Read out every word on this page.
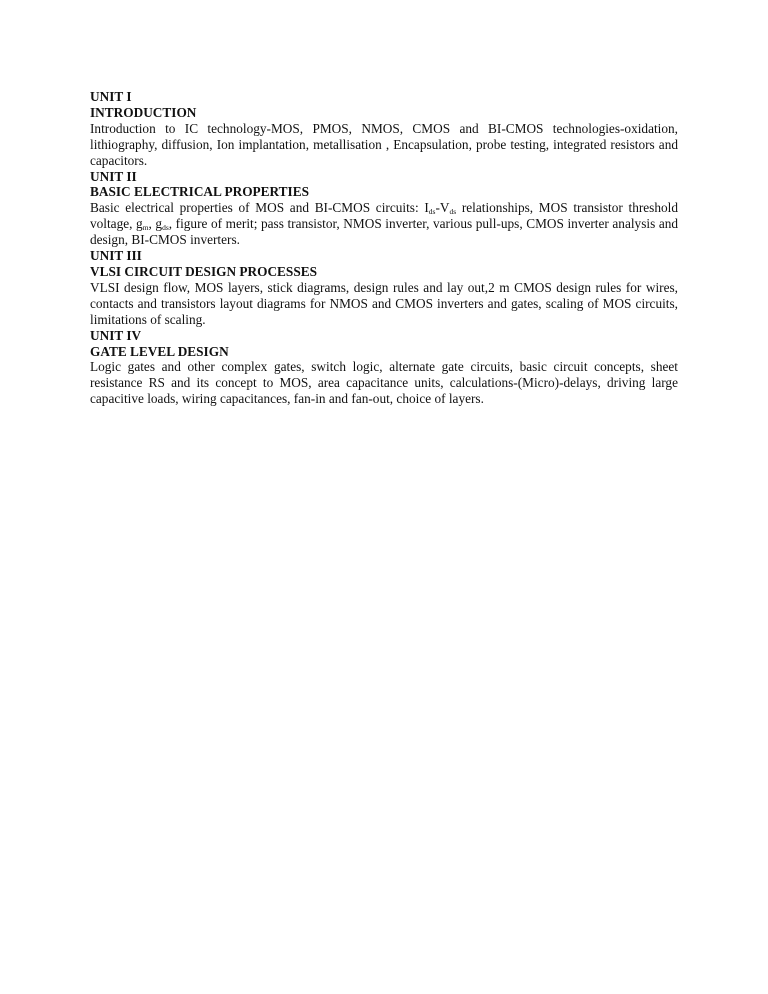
UNIT I

INTRODUCTION

Introduction to IC technology-MOS, PMOS, NMOS, CMOS and BI-CMOS technologies-oxidation, lithiography, diffusion, Ion implantation, metallisation , Encapsulation, probe testing, integrated resistors and capacitors.

UNIT II

BASIC ELECTRICAL PROPERTIES

Basic electrical properties of MOS and BI-CMOS circuits: $I_{ds}-V_{ds}$ relationships, MOS transistor threshold voltage, $g_m$, $g_{ds}$, figure of merit; pass transistor, NMOS inverter, various pull-ups, CMOS inverter analysis and design, BI-CMOS inverters.

UNIT III

VLSI CIRCUIT DESIGN PROCESSES

VLSI design flow, MOS layers, stick diagrams, design rules and lay out,2 m CMOS design rules for wires, contacts and transistors layout diagrams for NMOS and CMOS inverters and gates, scaling of MOS circuits, limitations of scaling.

UNIT IV

GATE LEVEL DESIGN

Logic gates and other complex gates, switch logic, alternate gate circuits, basic circuit concepts, sheet resistance RS and its concept to MOS, area capacitance units, calculations-(Micro)-delays, driving large capacitive loads, wiring capacitances, fan-in and fan-out, choice of layers.
